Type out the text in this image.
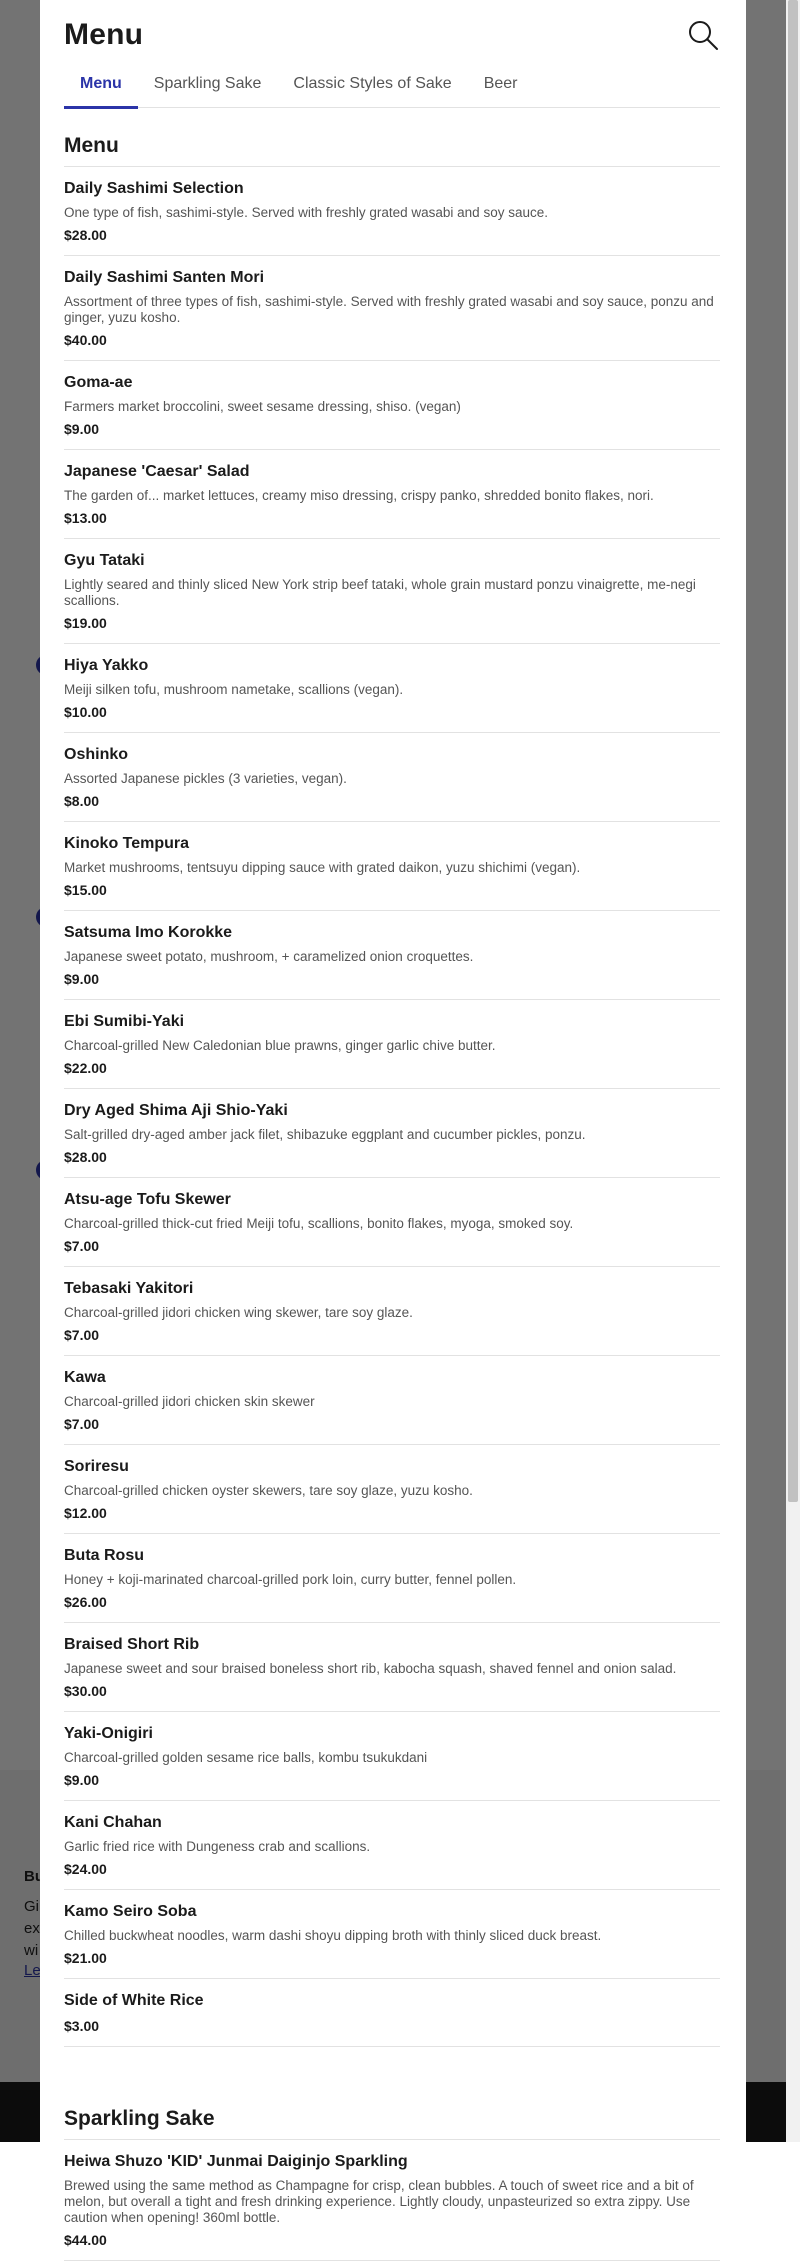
Menu
Menu	Sparkling Sake	Classic Styles of Sake	Beer
Menu
Daily Sashimi Selection
One type of fish, sashimi-style. Served with freshly grated wasabi and soy sauce.
$28.00
Daily Sashimi Santen Mori
Assortment of three types of fish, sashimi-style. Served with freshly grated wasabi and soy sauce, ponzu and ginger, yuzu kosho.
$40.00
Goma-ae
Farmers market broccolini, sweet sesame dressing, shiso. (vegan)
$9.00
Japanese 'Caesar' Salad
The garden of... market lettuces, creamy miso dressing, crispy panko, shredded bonito flakes, nori.
$13.00
Gyu Tataki
Lightly seared and thinly sliced New York strip beef tataki, whole grain mustard ponzu vinaigrette, me-negi scallions.
$19.00
Hiya Yakko
Meiji silken tofu, mushroom nametake, scallions (vegan).
$10.00
Oshinko
Assorted Japanese pickles (3 varieties, vegan).
$8.00
Kinoko Tempura
Market mushrooms, tentsuyu dipping sauce with grated daikon, yuzu shichimi (vegan).
$15.00
Satsuma Imo Korokke
Japanese sweet potato, mushroom, + caramelized onion croquettes.
$9.00
Ebi Sumibi-Yaki
Charcoal-grilled New Caledonian blue prawns, ginger garlic chive butter.
$22.00
Dry Aged Shima Aji Shio-Yaki
Salt-grilled dry-aged amber jack filet, shibazuke eggplant and cucumber pickles, ponzu.
$28.00
Atsu-age Tofu Skewer
Charcoal-grilled thick-cut fried Meiji tofu, scallions, bonito flakes, myoga, smoked soy.
$7.00
Tebasaki Yakitori
Charcoal-grilled jidori chicken wing skewer, tare soy glaze.
$7.00
Kawa
Charcoal-grilled jidori chicken skin skewer
$7.00
Soriresu
Charcoal-grilled chicken oyster skewers, tare soy glaze, yuzu kosho.
$12.00
Buta Rosu
Honey + koji-marinated charcoal-grilled pork loin, curry butter, fennel pollen.
$26.00
Braised Short Rib
Japanese sweet and sour braised boneless short rib, kabocha squash, shaved fennel and onion salad.
$30.00
Yaki-Onigiri
Charcoal-grilled golden sesame rice balls, kombu tsukukdani
$9.00
Kani Chahan
Garlic fried rice with Dungeness crab and scallions.
$24.00
Kamo Seiro Soba
Chilled buckwheat noodles, warm dashi shoyu dipping broth with thinly sliced duck breast.
$21.00
Side of White Rice
$3.00
Sparkling Sake
Heiwa Shuzo 'KID' Junmai Daiginjo Sparkling
Brewed using the same method as Champagne for crisp, clean bubbles. A touch of sweet rice and a bit of melon, but overall a tight and fresh drinking experience. Lightly cloudy, unpasteurized so extra zippy. Use caution when opening! 360ml bottle.
$44.00
